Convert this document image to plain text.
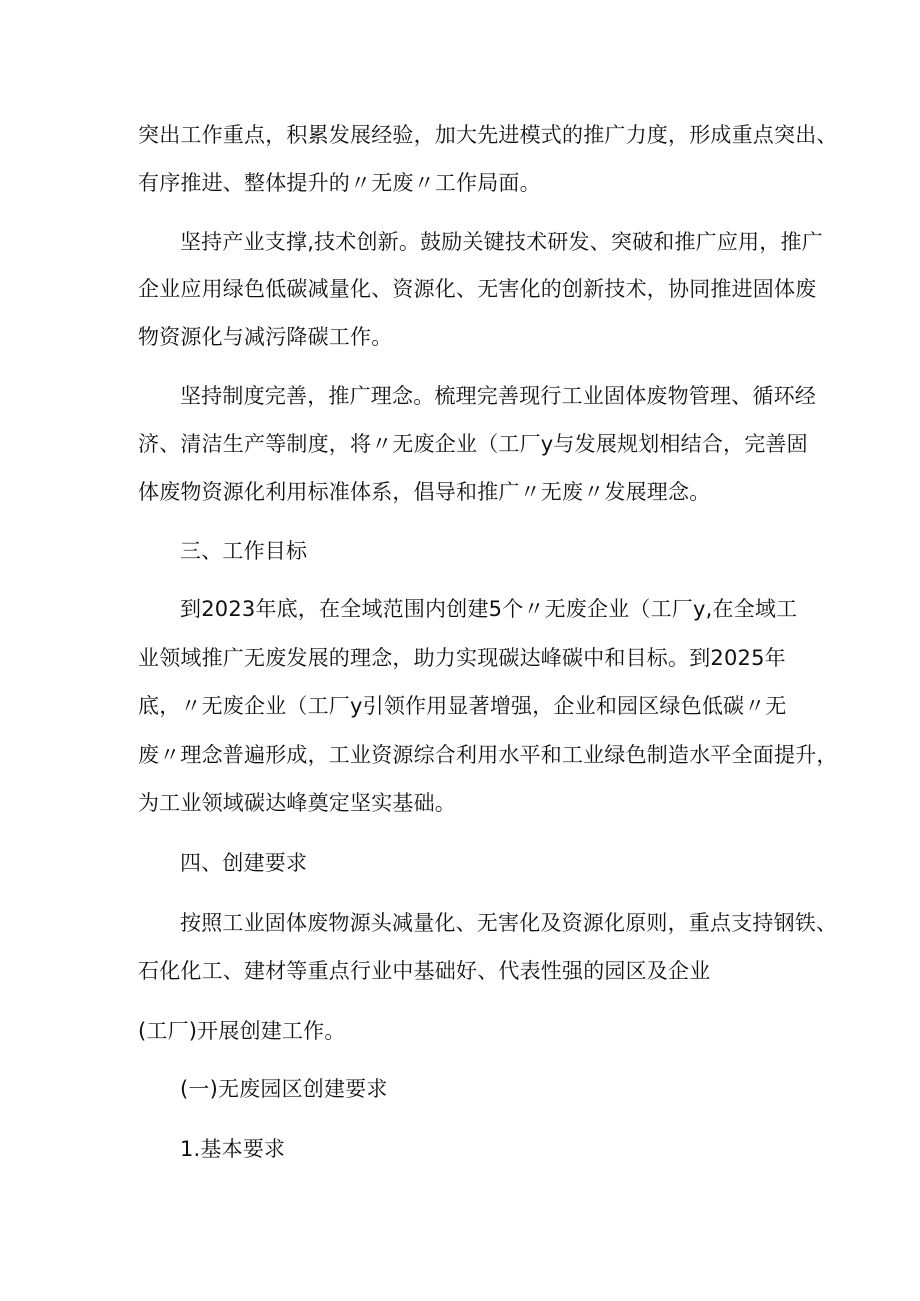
突出工作重点，积累发展经验，加大先进模式的推广力度，形成重点突出、
有序推进、整体提升的〃无废〃工作局面。
坚持产业支撑,技术创新。鼓励关键技术研发、突破和推广应用，推广
企业应用绿色低碳减量化、资源化、无害化的创新技术，协同推进固体废
物资源化与减污降碳工作。
坚持制度完善，推广理念。梳理完善现行工业固体废物管理、循环经
济、清洁生产等制度，将〃无废企业（工厂y与发展规划相结合，完善固
体废物资源化利用标准体系，倡导和推广〃无废〃发展理念。
三、工作目标
到2023年底，在全域范围内创建5个〃无废企业（工厂y,在全域工
业领域推广无废发展的理念，助力实现碳达峰碳中和目标。到2025年
底，〃无废企业（工厂y引领作用显著增强，企业和园区绿色低碳〃无
废〃理念普遍形成，工业资源综合利用水平和工业绿色制造水平全面提升，
为工业领域碳达峰奠定坚实基础。
四、创建要求
按照工业固体废物源头减量化、无害化及资源化原则，重点支持钢铁、
石化化工、建材等重点行业中基础好、代表性强的园区及企业
(工厂)开展创建工作。
(一)无废园区创建要求
1.基本要求
